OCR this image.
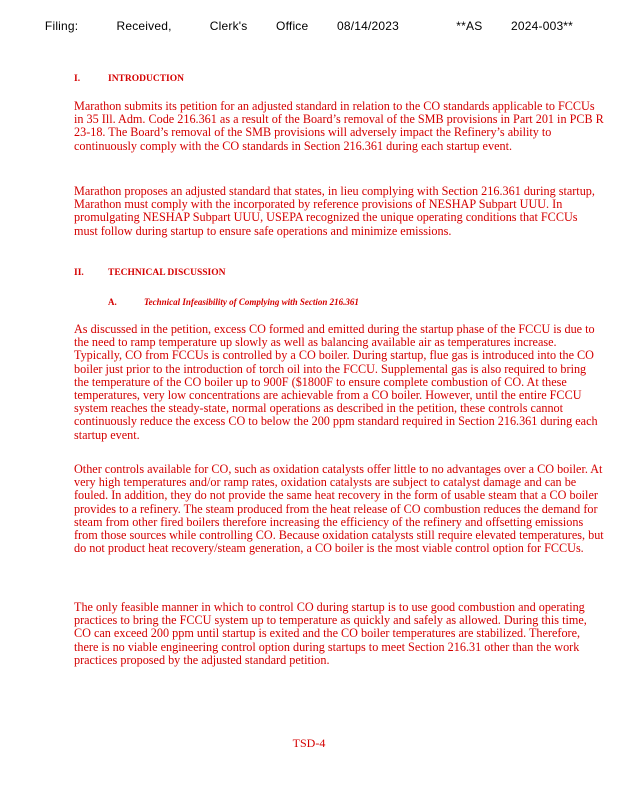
Filing:    Received,    Clerk's   Office   08/14/2023      **AS   2024-003**
I.	INTRODUCTION

Marathon submits its petition for an adjusted standard in relation to the CO standards applicable to FCCUs in 35 Ill. Adm. Code 216.361 as a result of the Board’s removal of the SMB provisions in Part 201 in PCB R 23-18. The Board’s removal of the SMB provisions will adversely impact the Refinery’s ability to continuously comply with the CO standards in Section 216.361 during each startup event.

Marathon proposes an adjusted standard that states, in lieu complying with Section 216.361 during startup, Marathon must comply with the incorporated by reference provisions of NESHAP Subpart UUU. In promulgating NESHAP Subpart UUU, USEPA recognized the unique operating conditions that FCCUs must follow during startup to ensure safe operations and minimize emissions.

II.	TECHNICAL DISCUSSION
A.	Technical Infeasibility of Complying with Section 216.361

As discussed in the petition, excess CO formed and emitted during the startup phase of the FCCU is due to the need to ramp temperature up slowly as well as balancing available air as temperatures increase. Typically, CO from FCCUs is controlled by a CO boiler. During startup, flue gas is introduced into the CO boiler just prior to the introduction of torch oil into the FCCU. Supplemental gas is also required to bring the temperature of the CO boiler up to 900F ($1800F to ensure complete combustion of CO. At these temperatures, very low concentrations are achievable from a CO boiler. However, until the entire FCCU system reaches the steady-state, normal operations as described in the petition, these controls cannot continuously reduce the excess CO to below the 200 ppm standard required in Section 216.361 during each startup event.

Other controls available for CO, such as oxidation catalysts offer little to no advantages over a CO boiler. At very high temperatures and/or ramp rates, oxidation catalysts are subject to catalyst damage and can be fouled. In addition, they do not provide the same heat recovery in the form of usable steam that a CO boiler provides to a refinery. The steam produced from the heat release of CO combustion reduces the demand for steam from other fired boilers therefore increasing the efficiency of the refinery and offsetting emissions from those sources while controlling CO. Because oxidation catalysts still require elevated temperatures, but do not product heat recovery/steam generation, a CO boiler is the most viable control option for FCCUs.

The only feasible manner in which to control CO during startup is to use good combustion and operating practices to bring the FCCU system up to temperature as quickly and safely as allowed. During this time, CO can exceed 200 ppm until startup is exited and the CO boiler temperatures are stabilized. Therefore, there is no viable engineering control option during startups to meet Section 216.31 other than the work practices proposed by the adjusted standard petition.

TSD-4
